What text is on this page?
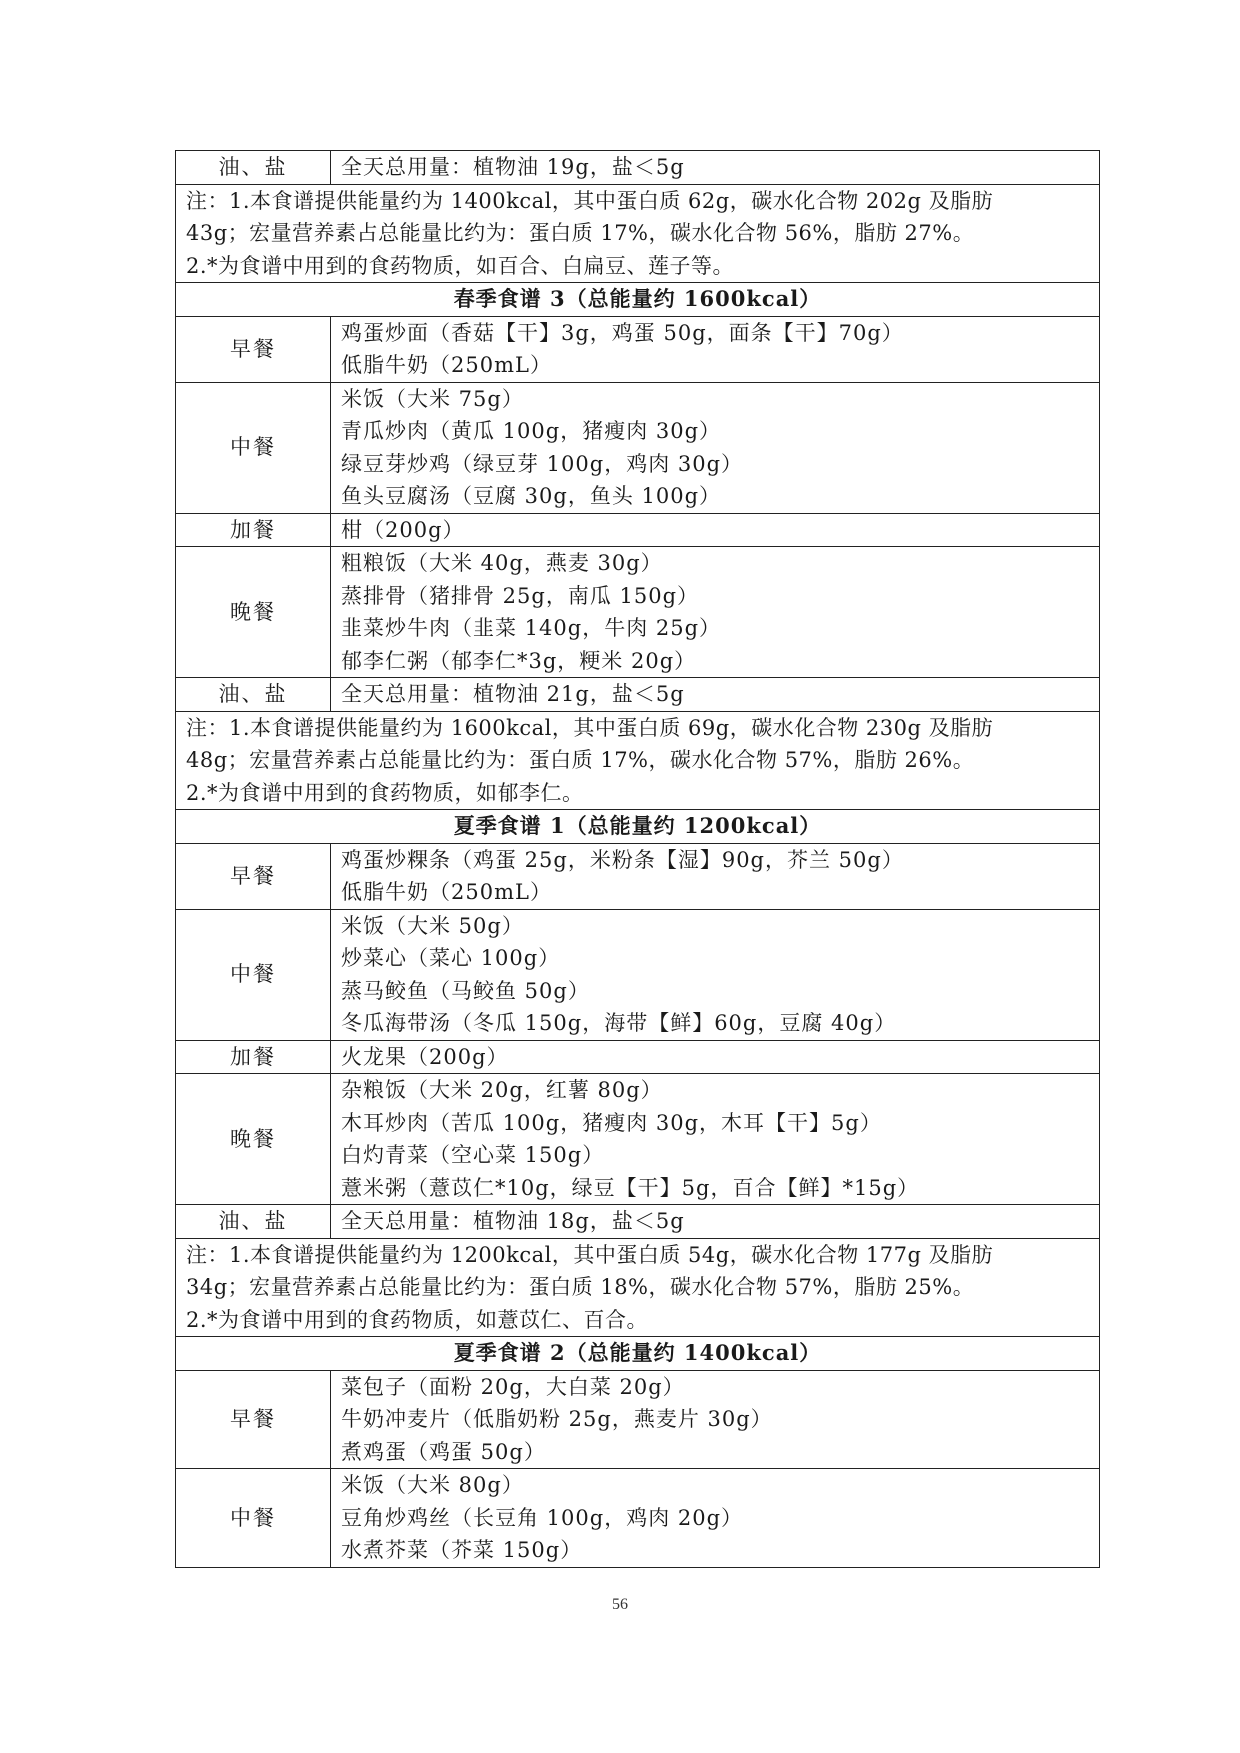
油、盐	全天总用量：植物油 19g，盐＜5g

注：1.本食谱提供能量约为 1400kcal，其中蛋白质 62g，碳水化合物 202g 及脂肪
43g；宏量营养素占总能量比约为：蛋白质 17%，碳水化合物 56%，脂肪 27%。
2.*为食谱中用到的食药物质，如百合、白扁豆、莲子等。	

春季食谱 3（总能量约 1600kcal）	
早餐	鸡蛋炒面（香菇【干】3g，鸡蛋 50g，面条【干】70g）
低脂牛奶（250mL）

中餐	米饭（大米 75g）
青瓜炒肉（黄瓜 100g，猪瘦肉 30g）
绿豆芽炒鸡（绿豆芽 100g，鸡肉 30g）
鱼头豆腐汤（豆腐 30g，鱼头 100g）

加餐	柑（200g）

晚餐	粗粮饭（大米 40g，燕麦 30g）
蒸排骨（猪排骨 25g，南瓜 150g）
韭菜炒牛肉（韭菜 140g，牛肉 25g）
郁李仁粥（郁李仁*3g，粳米 20g）

油、盐	全天总用量：植物油 21g，盐＜5g

注：1.本食谱提供能量约为 1600kcal，其中蛋白质 69g，碳水化合物 230g 及脂肪
48g；宏量营养素占总能量比约为：蛋白质 17%，碳水化合物 57%，脂肪 26%。
2.*为食谱中用到的食药物质，如郁李仁。	

夏季食谱 1（总能量约 1200kcal）	
早餐	鸡蛋炒粿条（鸡蛋 25g，米粉条【湿】90g，芥兰 50g）
低脂牛奶（250mL）

中餐	米饭（大米 50g）
炒菜心（菜心 100g）
蒸马鲛鱼（马鲛鱼 50g）
冬瓜海带汤（冬瓜 150g，海带【鲜】60g，豆腐 40g）

加餐	火龙果（200g）

晚餐	杂粮饭（大米 20g，红薯 80g）
木耳炒肉（苦瓜 100g，猪瘦肉 30g，木耳【干】5g）
白灼青菜（空心菜 150g）
薏米粥（薏苡仁*10g，绿豆【干】5g，百合【鲜】*15g）

油、盐	全天总用量：植物油 18g，盐＜5g

注：1.本食谱提供能量约为 1200kcal，其中蛋白质 54g，碳水化合物 177g 及脂肪
34g；宏量营养素占总能量比约为：蛋白质 18%，碳水化合物 57%，脂肪 25%。
2.*为食谱中用到的食药物质，如薏苡仁、百合。	

夏季食谱 2（总能量约 1400kcal）	
早餐	菜包子（面粉 20g，大白菜 20g）
牛奶冲麦片（低脂奶粉 25g，燕麦片 30g）
煮鸡蛋（鸡蛋 50g）

中餐	米饭（大米 80g）
豆角炒鸡丝（长豆角 100g，鸡肉 20g）
水煮芥菜（芥菜 150g）
56
